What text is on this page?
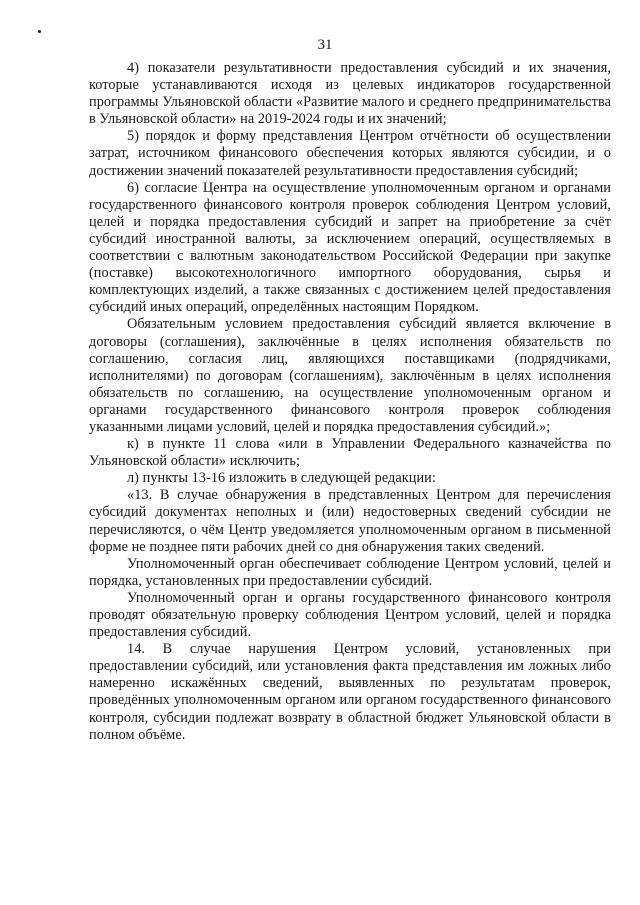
31

4) показатели результативности предоставления субсидий и их значения, которые устанавливаются исходя из целевых индикаторов государственной программы Ульяновской области «Развитие малого и среднего предпринимательства в Ульяновской области» на 2019-2024 годы и их значений;

5) порядок и форму представления Центром отчётности об осуществлении затрат, источником финансового обеспечения которых являются субсидии, и о достижении значений показателей результативности предоставления субсидий;

6) согласие Центра на осуществление уполномоченным органом и органами государственного финансового контроля проверок соблюдения Центром условий, целей и порядка предоставления субсидий и запрет на приобретение за счёт субсидий иностранной валюты, за исключением операций, осуществляемых в соответствии с валютным законодательством Российской Федерации при закупке (поставке) высокотехнологичного импортного оборудования, сырья и комплектующих изделий, а также связанных с достижением целей предоставления субсидий иных операций, определённых настоящим Порядком.

Обязательным условием предоставления субсидий является включение в договоры (соглашения), заключённые в целях исполнения обязательств по соглашению, согласия лиц, являющихся поставщиками (подрядчиками, исполнителями) по договорам (соглашениям), заключённым в целях исполнения обязательств по соглашению, на осуществление уполномоченным органом и органами государственного финансового контроля проверок соблюдения указанными лицами условий, целей и порядка предоставления субсидий.»;

к) в пункте 11 слова «или в Управлении Федерального казначейства по Ульяновской области» исключить;

л) пункты 13-16 изложить в следующей редакции:

«13. В случае обнаружения в представленных Центром для перечисления субсидий документах неполных и (или) недостоверных сведений субсидии не перечисляются, о чём Центр уведомляется уполномоченным органом в письменной форме не позднее пяти рабочих дней со дня обнаружения таких сведений.

Уполномоченный орган обеспечивает соблюдение Центром условий, целей и порядка, установленных при предоставлении субсидий.

Уполномоченный орган и органы государственного финансового контроля проводят обязательную проверку соблюдения Центром условий, целей и порядка предоставления субсидий.

14. В случае нарушения Центром условий, установленных при предоставлении субсидий, или установления факта представления им ложных либо намеренно искажённых сведений, выявленных по результатам проверок, проведённых уполномоченным органом или органом государственного финансового контроля, субсидии подлежат возврату в областной бюджет Ульяновской области в полном объёме.
